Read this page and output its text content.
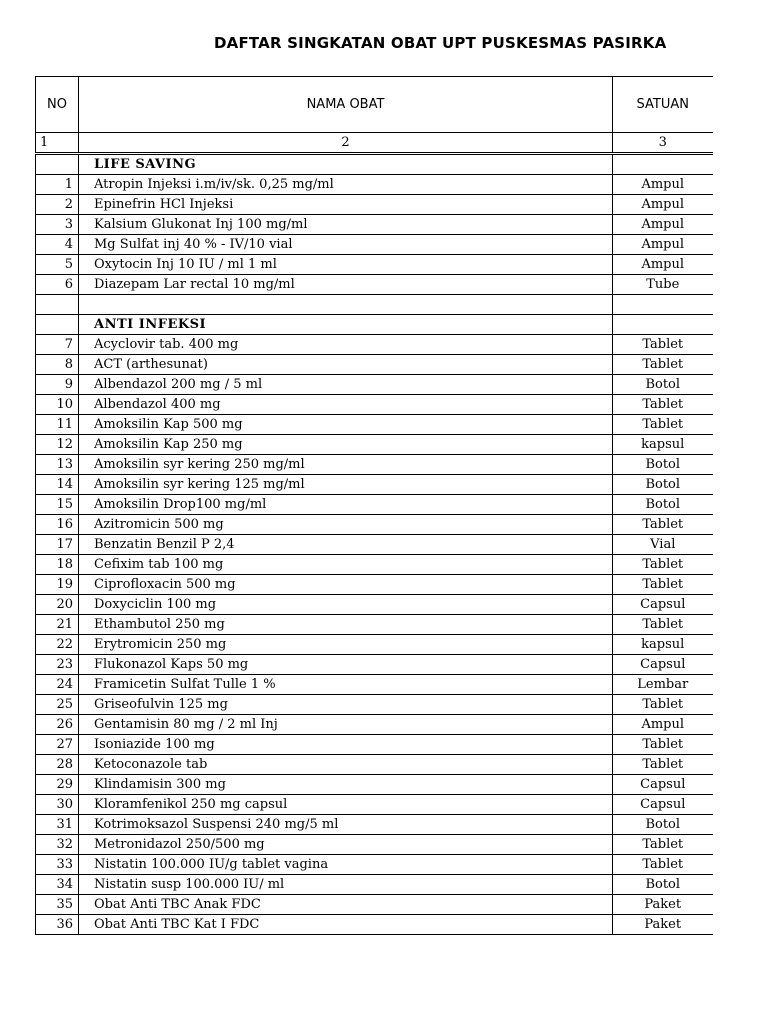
DAFTAR SINGKATAN OBAT UPT PUSKESMAS PASIRKA
NO	NAMA OBAT	SATUAN
1	2	3
	LIFE SAVING	
1	Atropin Injeksi i.m/iv/sk. 0,25 mg/ml	Ampul
2	Epinefrin HCl Injeksi	Ampul
3	Kalsium Glukonat Inj 100 mg/ml	Ampul
4	Mg Sulfat inj 40 % - IV/10 vial	Ampul
5	Oxytocin Inj 10 IU / ml 1 ml	Ampul
6	Diazepam Lar rectal 10 mg/ml	Tube

	ANTI INFEKSI	
7	Acyclovir tab. 400 mg	Tablet
8	ACT (arthesunat)	Tablet
9	Albendazol 200 mg / 5 ml	Botol
10	Albendazol 400 mg	Tablet
11	Amoksilin Kap 500 mg	Tablet
12	Amoksilin Kap 250 mg	kapsul
13	Amoksilin syr kering 250 mg/ml	Botol
14	Amoksilin syr kering 125 mg/ml	Botol
15	Amoksilin Drop100 mg/ml	Botol
16	Azitromicin 500 mg	Tablet
17	Benzatin Benzil P 2,4	Vial
18	Cefixim tab 100 mg	Tablet
19	Ciprofloxacin 500 mg	Tablet
20	Doxyciclin 100 mg	Capsul
21	Ethambutol 250 mg	Tablet
22	Erytromicin 250 mg	kapsul
23	Flukonazol Kaps 50 mg	Capsul
24	Framicetin Sulfat Tulle 1 %	Lembar
25	Griseofulvin 125 mg	Tablet
26	Gentamisin 80 mg / 2 ml Inj	Ampul
27	Isoniazide 100 mg	Tablet
28	Ketoconazole tab	Tablet
29	Klindamisin 300 mg	Capsul
30	Kloramfenikol 250 mg capsul	Capsul
31	Kotrimoksazol Suspensi 240 mg/5 ml	Botol
32	Metronidazol 250/500 mg	Tablet
33	Nistatin 100.000 IU/g tablet vagina	Tablet
34	Nistatin susp 100.000 IU/ ml	Botol
35	Obat Anti TBC Anak FDC	Paket
36	Obat Anti TBC Kat I FDC	Paket
